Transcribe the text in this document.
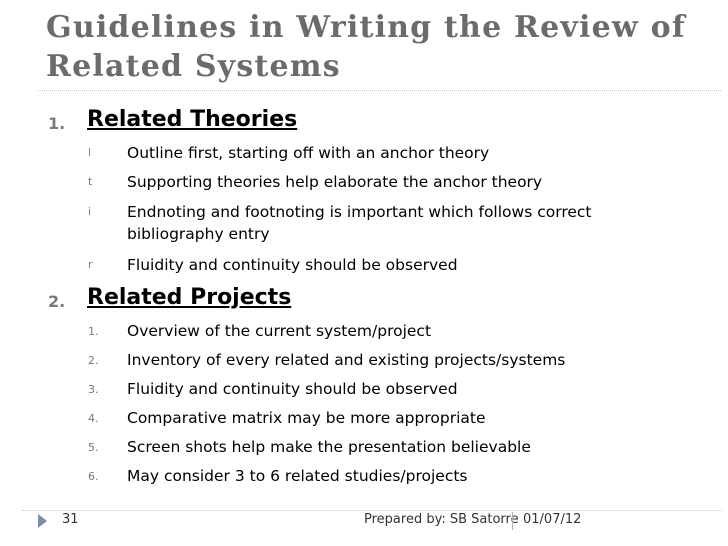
Guidelines in Writing the Review of Related Systems
1. Related Theories
l Outline first, starting off with an anchor theory
t Supporting theories help elaborate the anchor theory
i Endnoting and footnoting is important which follows correct bibliography entry
r Fluidity and continuity should be observed
2. Related Projects
1. Overview of the current system/project
2. Inventory of every related and existing projects/systems
3. Fluidity and continuity should be observed
4. Comparative matrix may be more appropriate
5. Screen shots help make the presentation believable
6. May consider 3 to 6 related studies/projects
31	Prepared by: SB Satorre 01/07/12
